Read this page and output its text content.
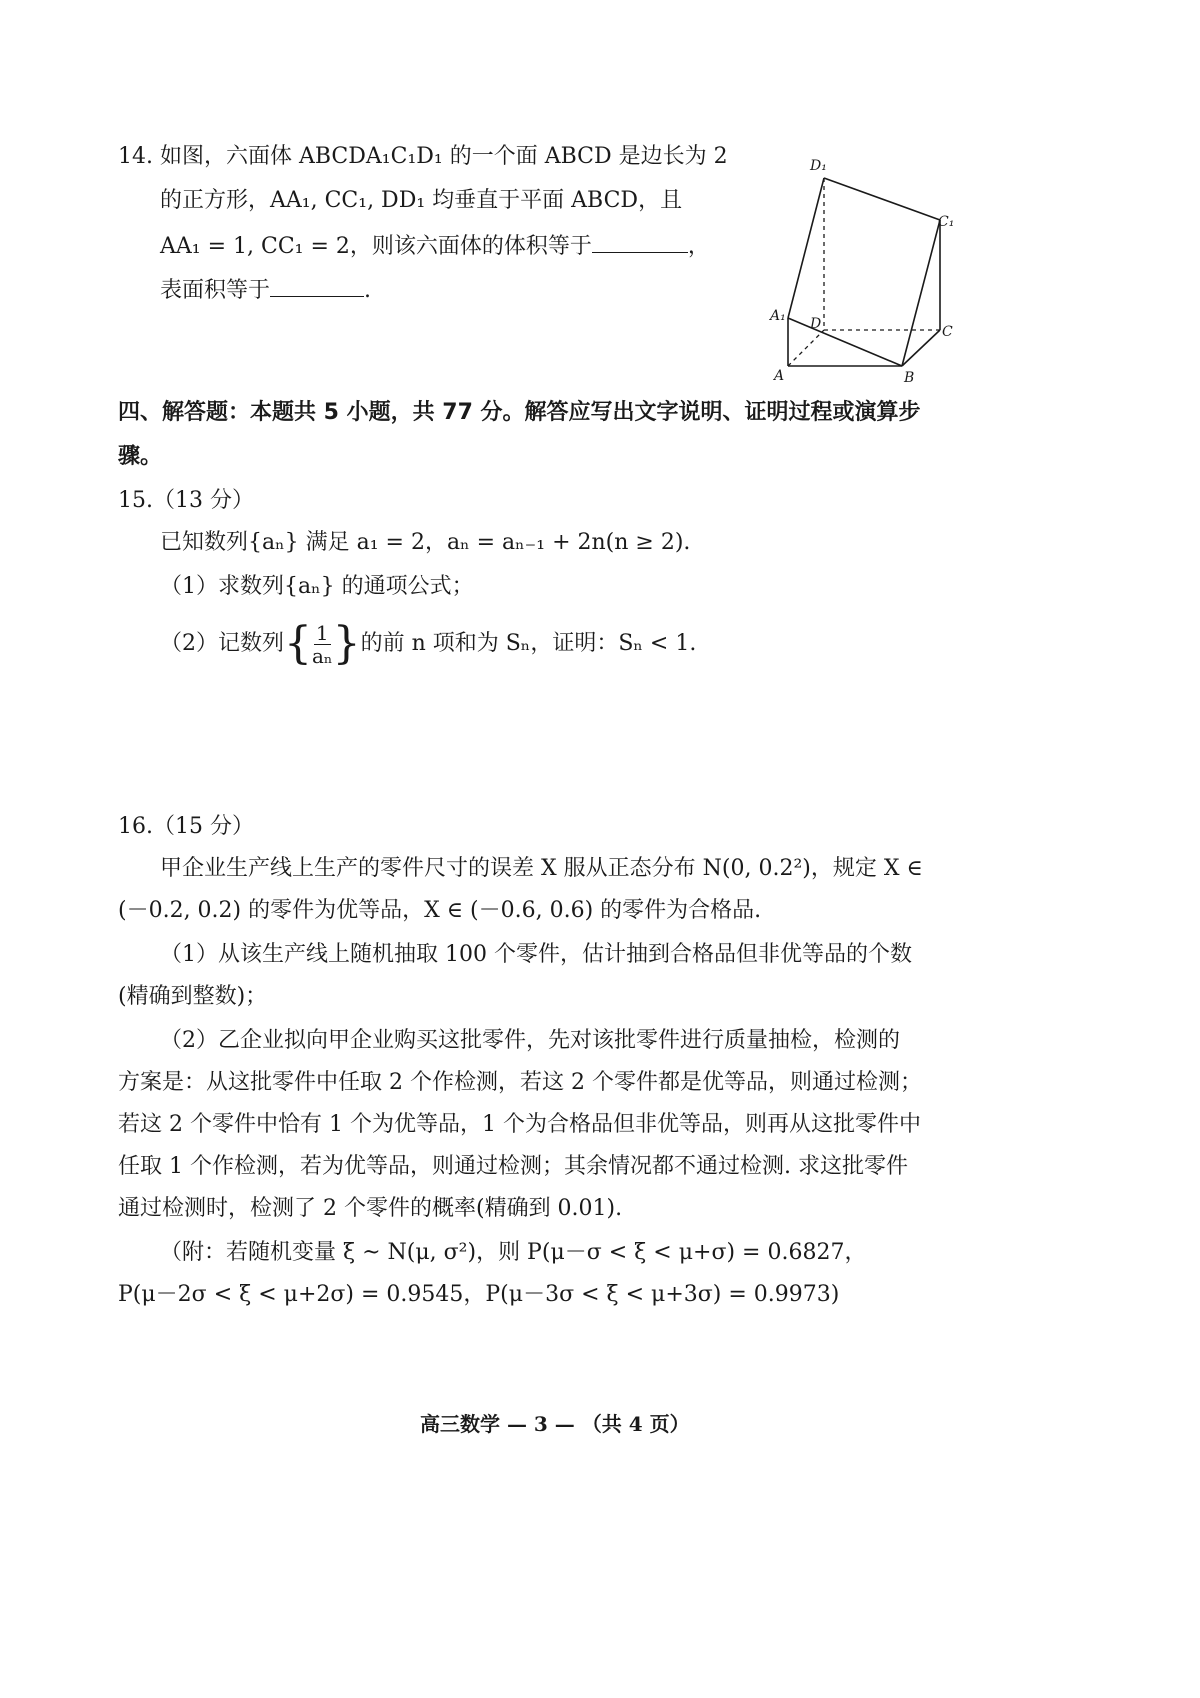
14. 如图，六面体 ABCDA₁C₁D₁ 的一个面 ABCD 是边长为 2
的正方形，AA₁, CC₁, DD₁ 均垂直于平面 ABCD，且
AA₁ = 1, CC₁ = 2，则该六面体的体积等于	，
表面积等于	.
D₁
C₁
A₁ D	C
A	B
四、解答题：本题共 5 小题，共 77 分。解答应写出文字说明、证明过程或演算步
骤。
15.（13 分）
已知数列{aₙ} 满足 a₁ = 2，aₙ = aₙ₋₁ + 2n(n ≥ 2).
（1）求数列{aₙ} 的通项公式；
（2）记数列 { $\frac{1}{\text{aₙ}}$ } 的前 n 项和为 Sₙ，证明：Sₙ < 1.
16.（15 分）
甲企业生产线上生产的零件尺寸的误差 X 服从正态分布 N(0, 0.2²)，规定 X ∈
(－0.2, 0.2) 的零件为优等品，X ∈ (－0.6, 0.6) 的零件为合格品.
（1）从该生产线上随机抽取 100 个零件，估计抽到合格品但非优等品的个数
(精确到整数)；
（2）乙企业拟向甲企业购买这批零件，先对该批零件进行质量抽检，检测的
方案是：从这批零件中任取 2 个作检测，若这 2 个零件都是优等品，则通过检测；
若这 2 个零件中恰有 1 个为优等品，1 个为合格品但非优等品，则再从这批零件中
任取 1 个作检测，若为优等品，则通过检测；其余情况都不通过检测. 求这批零件
通过检测时，检测了 2 个零件的概率(精确到 0.01).
（附：若随机变量 ξ ~ N(μ, σ²)，则 P(μ－σ < ξ < μ+σ) = 0.6827，
P(μ－2σ < ξ < μ+2σ) = 0.9545，P(μ－3σ < ξ < μ+3σ) = 0.9973)
高三数学 — 3 — （共 4 页）
